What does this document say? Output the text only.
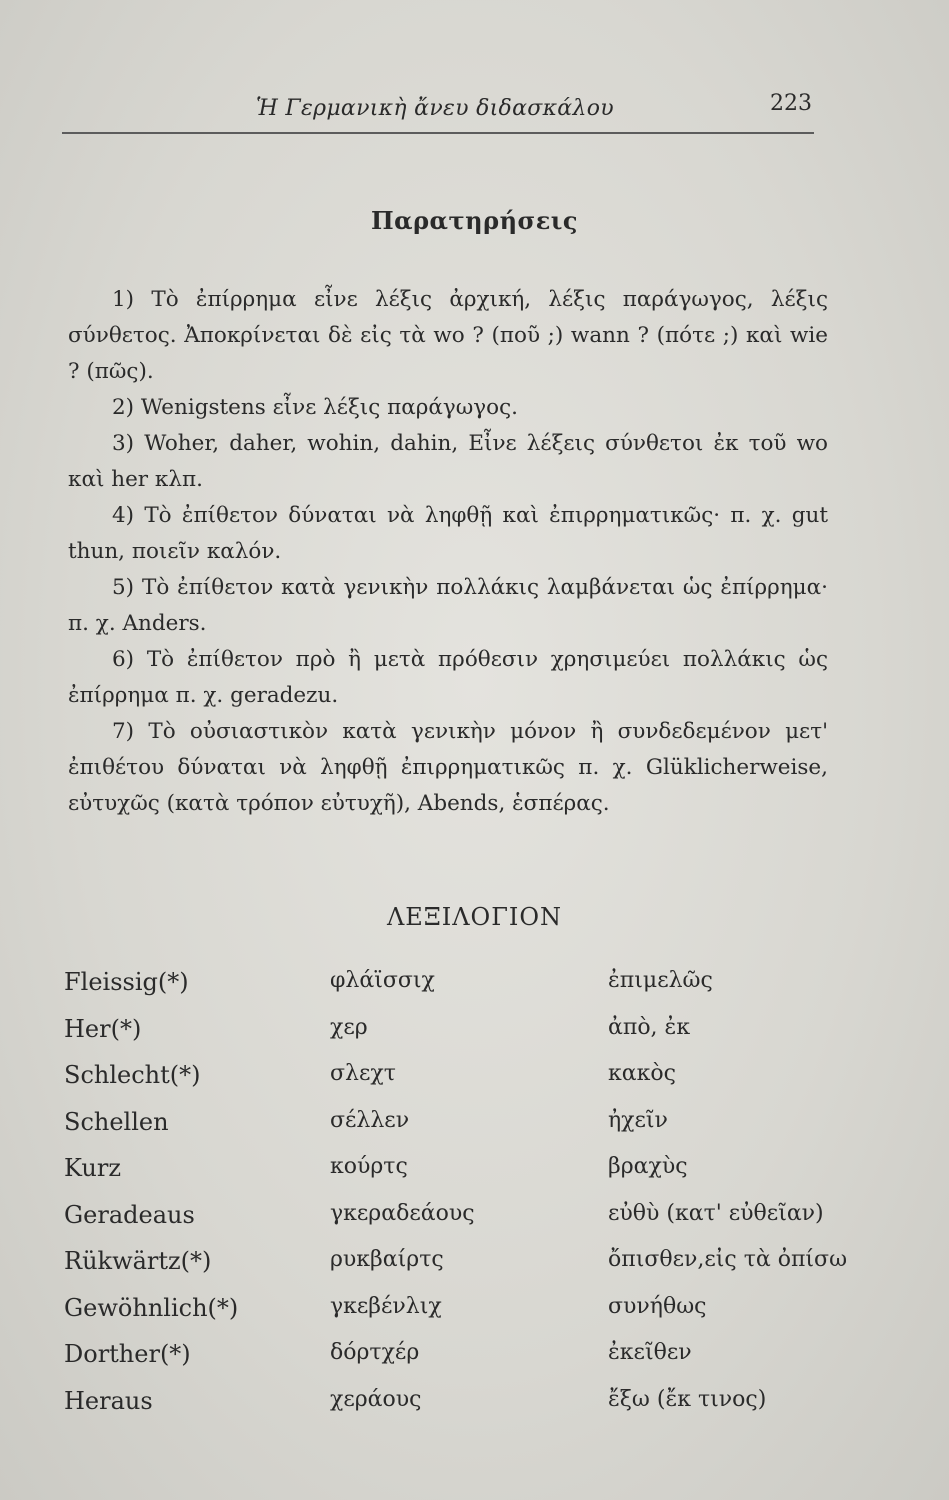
Ἡ Γερμανικὴ ἄνευ διδασκάλου	223
Παρατηρήσεις

1) Τὸ ἐπίρρημα εἶνε λέξις ἀρχική, λέξις παράγωγος, λέξις σύνθετος. Ἀποκρίνεται δὲ εἰς τὰ wo ? (ποῦ ;) wann ? (πότε ;) καὶ wie ? (πῶς).

2) Wenigstens εἶνε λέξις παράγωγος.

3) Woher, daher, wohin, dahin, Εἶνε λέξεις σύνθετοι ἐκ τοῦ wo καὶ her κλπ.

4) Τὸ ἐπίθετον δύναται νὰ ληφθῇ καὶ ἐπιρρηματικῶς· π. χ. gut thun, ποιεῖν καλόν.

5) Τὸ ἐπίθετον κατὰ γενικὴν πολλάκις λαμβάνεται ὡς ἐπίρρημα· π. χ. Anders.

6) Τὸ ἐπίθετον πρὸ ἢ μετὰ πρόθεσιν χρησιμεύει πολλάκις ὡς ἐπίρρημα π. χ. geradezu.

7) Τὸ οὐσιαστικὸν κατὰ γενικὴν μόνον ἢ συνδεδεμένον μετ' ἐπιθέτου δύναται νὰ ληφθῇ ἐπιρρηματικῶς π. χ. Glüklicherweise, εὐτυχῶς (κατὰ τρόπον εὐτυχῆ), Abends, ἑσπέρας.

ΛΕΞΙΛΟΓΙΟΝ
Fleissig(*)	φλάϊσσιχ	ἐπιμελῶς
Her(*)	χερ	ἀπὸ, ἐκ
Schlecht(*)	σλεχτ	κακὸς
Schellen	σέλλεν	ἠχεῖν
Kurz	κούρτς	βραχὺς
Geradeaus	γκεραδεάους	εὐθὺ (κατ' εὐθεῖαν)
Rükwärtz(*)	ρυκβαίρτς	ὄπισθεν,εἰς τὰ ὀπίσω
Gewöhnlich(*)	γκεβένλιχ	συνήθως
Dorther(*)	δόρτχέρ	ἐκεῖθεν
Heraus	χεράους	ἔξω (ἔκ τινος)
